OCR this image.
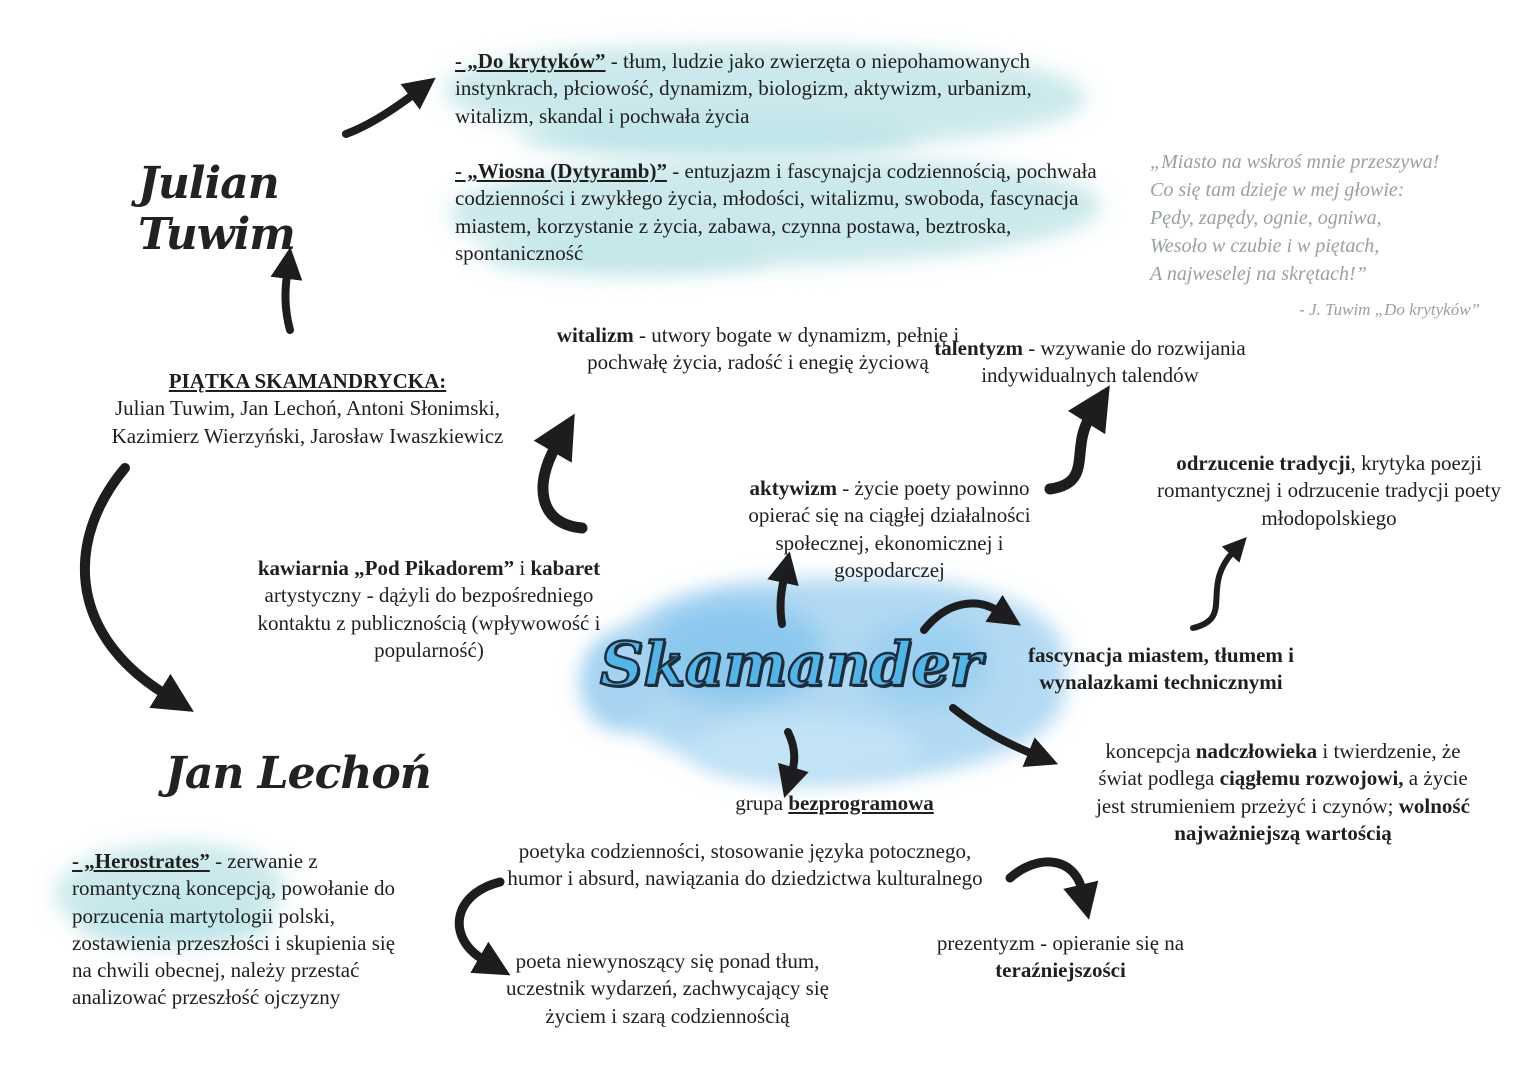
Julian Tuwim
Jan Lechoń
Skamander
- „Do krytyków” - tłum, ludzie jako zwierzęta o niepohamowanych instynkrach, płciowość, dynamizm, biologizm, aktywizm, urbanizm, witalizm, skandal i pochwała życia
- „Wiosna (Dytyramb)” - entuzjazm i fascynajcja codziennością, pochwała codzienności i zwykłego życia, młodości, witalizmu, swoboda, fascynacja miastem, korzystanie z życia, zabawa, czynna postawa, beztroska, spontaniczność
„Miasto na wskroś mnie przeszywa!
Co się tam dzieje w mej głowie:
Pędy, zapędy, ognie, ogniwa,
Wesoło w czubie i w piętach,
A najweselej na skrętach!”
- J. Tuwim „Do krytyków”
PIĄTKA SKAMANDRYCKA:
Julian Tuwim, Jan Lechoń, Antoni Słonimski, Kazimierz Wierzyński, Jarosław Iwaszkiewicz
witalizm - utwory bogate w dynamizm, pełnię i pochwałę życia, radość i enegię życiową
talentyzm - wzywanie do rozwijania indywidualnych talendów
aktywizm - życie poety powinno opierać się na ciągłej działalności społecznej, ekonomicznej i gospodarczej
odrzucenie tradycji, krytyka poezji romantycznej i odrzucenie tradycji poety młodopolskiego
kawiarnia „Pod Pikadorem” i kabaret artystyczny - dążyli do bezpośredniego kontaktu z publicznością (wpływowość i popularność)	fascynacja miastem, tłumem i wynalazkami technicznymi
koncepcja nadczłowieka i twierdzenie, że świat podlega ciągłemu rozwojowi, a życie jest strumieniem przeżyć i czynów; wolność najważniejszą wartością
grupa bezprogramowa
poetyka codzienności, stosowanie języka potocznego, humor i absurd, nawiązania do dziedzictwa kulturalnego
poeta niewynoszący się ponad tłum, uczestnik wydarzeń, zachwycający się życiem i szarą codziennością
prezentyzm - opieranie się na teraźniejszości
- „Herostrates” - zerwanie z romantyczną koncepcją, powołanie do porzucenia martytologii polski, zostawienia przeszłości i skupienia się na chwili obecnej, należy przestać analizować przeszłość ojczyzny
